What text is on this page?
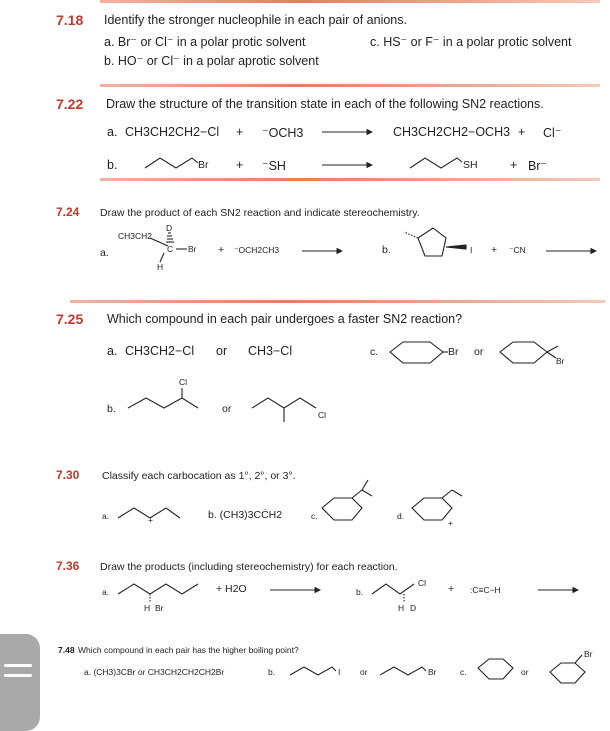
7.18 Identify the stronger nucleophile in each pair of anions.
a. Br⁻ or Cl⁻ in a polar protic solvent	c. HS⁻ or F⁻ in a polar protic solvent
b. HO⁻ or Cl⁻ in a polar aprotic solvent
7.22 Draw the structure of the transition state in each of the following SN2 reactions.
a. CH3CH2CH2−Cl + ⁻OCH3	CH3CH2CH2−OCH3 + Cl⁻
b.	Br + ⁻SH	SH	+ Br⁻
7.24 Draw the product of each SN2 reaction and indicate stereochemistry.
a.
CH3CH2
D
C Br
H
+ ⁻OCH2CH3	b.	I + ⁻CN
7.25 Which compound in each pair undergoes a faster SN2 reaction?
a. CH3CH2−Cl or CH3−Cl	c.	Br or
Br
b.
Cl
or	Cl
7.30 Classify each carbocation as 1°, 2°, or 3°.
a.	+	b. (CH3)3CĊH2	c.	d.
+
7.36 Draw the products (including stereochemistry) for each reaction.
a.
H Br
+ H2O	b.
Cl
H D
+ :C≡C−H
7.48 Which compound in each pair has the higher boiling point?
a. (CH3)3CBr or CH3CH2CH2CH2Br	b.	I or	Br	c.	or
Br
